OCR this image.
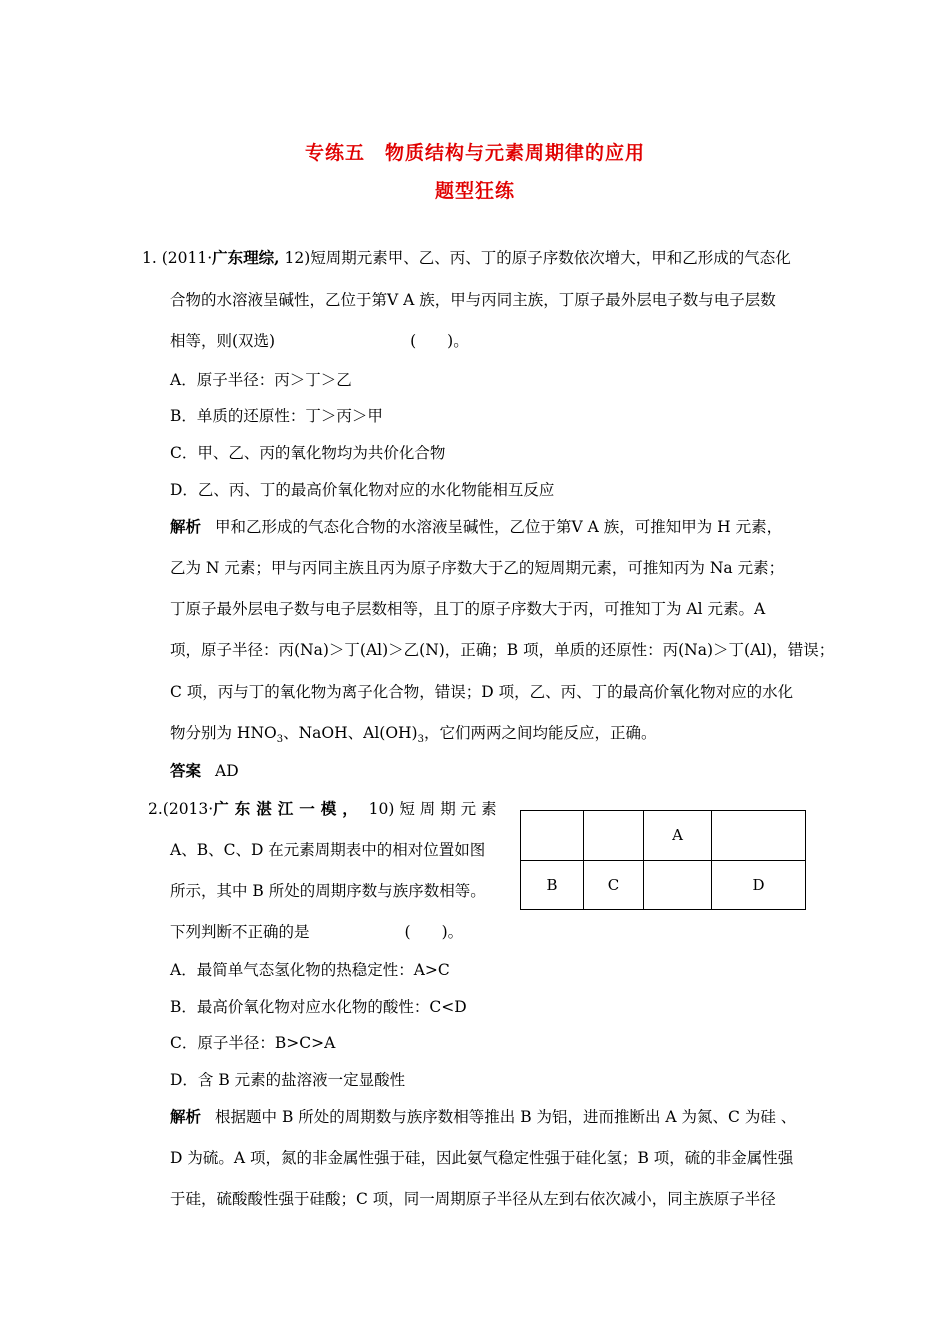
专练五　物质结构与元素周期律的应用
题型狂练
1. (2011·广东理综, 12)短周期元素甲、乙、丙、丁的原子序数依次增大，甲和乙形成的气态化
合物的水溶液呈碱性，乙位于第Ⅴ A 族，甲与丙同主族，丁原子最外层电子数与电子层数
相等，则(双选)	(　　)。
A．原子半径：丙＞丁＞乙
B．单质的还原性：丁＞丙＞甲
C．甲、乙、丙的氧化物均为共价化合物
D．乙、丙、丁的最高价氧化物对应的水化物能相互反应
解析 甲和乙形成的气态化合物的水溶液呈碱性，乙位于第Ⅴ A 族，可推知甲为 H 元素，
乙为 N 元素；甲与丙同主族且丙为原子序数大于乙的短周期元素，可推知丙为 Na 元素；
丁原子最外层电子数与电子层数相等，且丁的原子序数大于丙，可推知丁为 Al 元素。A
项，原子半径：丙(Na)＞丁(Al)＞乙(N)，正确；B 项，单质的还原性：丙(Na)＞丁(Al)，错误；
C 项，丙与丁的氧化物为离子化合物，错误；D 项，乙、丙、丁的最高价氧化物对应的水化
物分别为 $HNO_3$、NaOH、$Al(OH)_3$，它们两两之间均能反应，正确。
答案 AD
2.(2013·广东湛江一模， 10) 短 周 期 元 素
A、B、C、D 在元素周期表中的相对位置如图
所示，其中 B 所处的周期序数与族序数相等。
下列判断不正确的是	(　　)。
		A	
B	C		D
A．最简单气态氢化物的热稳定性：A>C
B．最高价氧化物对应水化物的酸性：C<D
C．原子半径：B>C>A
D．含 B 元素的盐溶液一定显酸性
解析 根据题中 B 所处的周期数与族序数相等推出 B 为铝，进而推断出 A 为氮、C 为硅 、
D 为硫。A 项，氮的非金属性强于硅，因此氨气稳定性强于硅化氢；B 项，硫的非金属性强
于硅，硫酸酸性强于硅酸；C 项，同一周期原子半径从左到右依次减小，同主族原子半径
